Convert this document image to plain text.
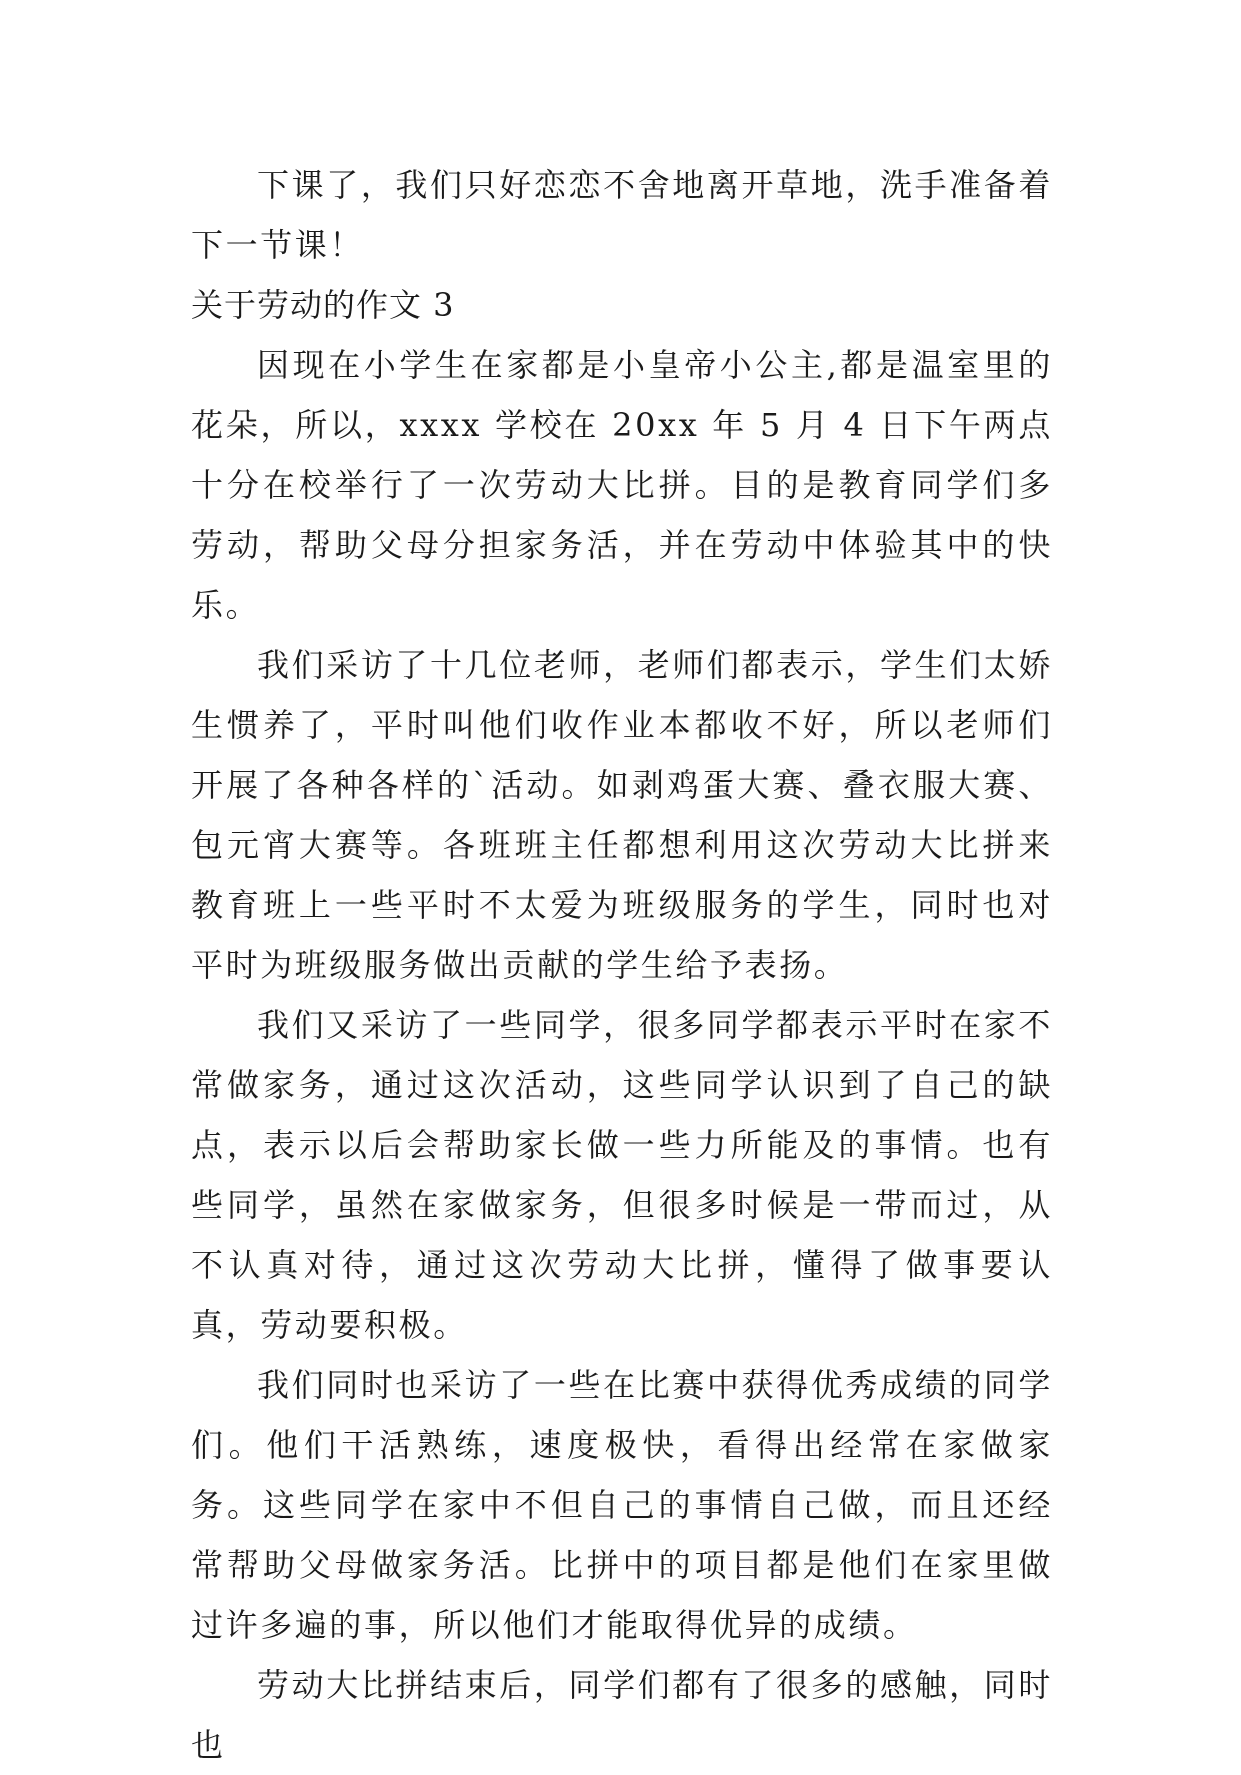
下课了，我们只好恋恋不舍地离开草地，洗手准备着下一节课！

关于劳动的作文 3

因现在小学生在家都是小皇帝小公主,都是温室里的花朵，所以，xxxx 学校在 20xx 年 5 月 4 日下午两点十分在校举行了一次劳动大比拼。目的是教育同学们多劳动，帮助父母分担家务活，并在劳动中体验其中的快乐。

我们采访了十几位老师，老师们都表示，学生们太娇生惯养了，平时叫他们收作业本都收不好，所以老师们开展了各种各样的`活动。如剥鸡蛋大赛、叠衣服大赛、包元宵大赛等。各班班主任都想利用这次劳动大比拼来教育班上一些平时不太爱为班级服务的学生，同时也对平时为班级服务做出贡献的学生给予表扬。

我们又采访了一些同学，很多同学都表示平时在家不常做家务，通过这次活动，这些同学认识到了自己的缺点，表示以后会帮助家长做一些力所能及的事情。也有些同学，虽然在家做家务，但很多时候是一带而过，从不认真对待，通过这次劳动大比拼，懂得了做事要认真，劳动要积极。

我们同时也采访了一些在比赛中获得优秀成绩的同学们。他们干活熟练，速度极快，看得出经常在家做家务。这些同学在家中不但自己的事情自己做，而且还经常帮助父母做家务活。比拼中的项目都是他们在家里做过许多遍的事，所以他们才能取得优异的成绩。

劳动大比拼结束后，同学们都有了很多的感触，同时也
